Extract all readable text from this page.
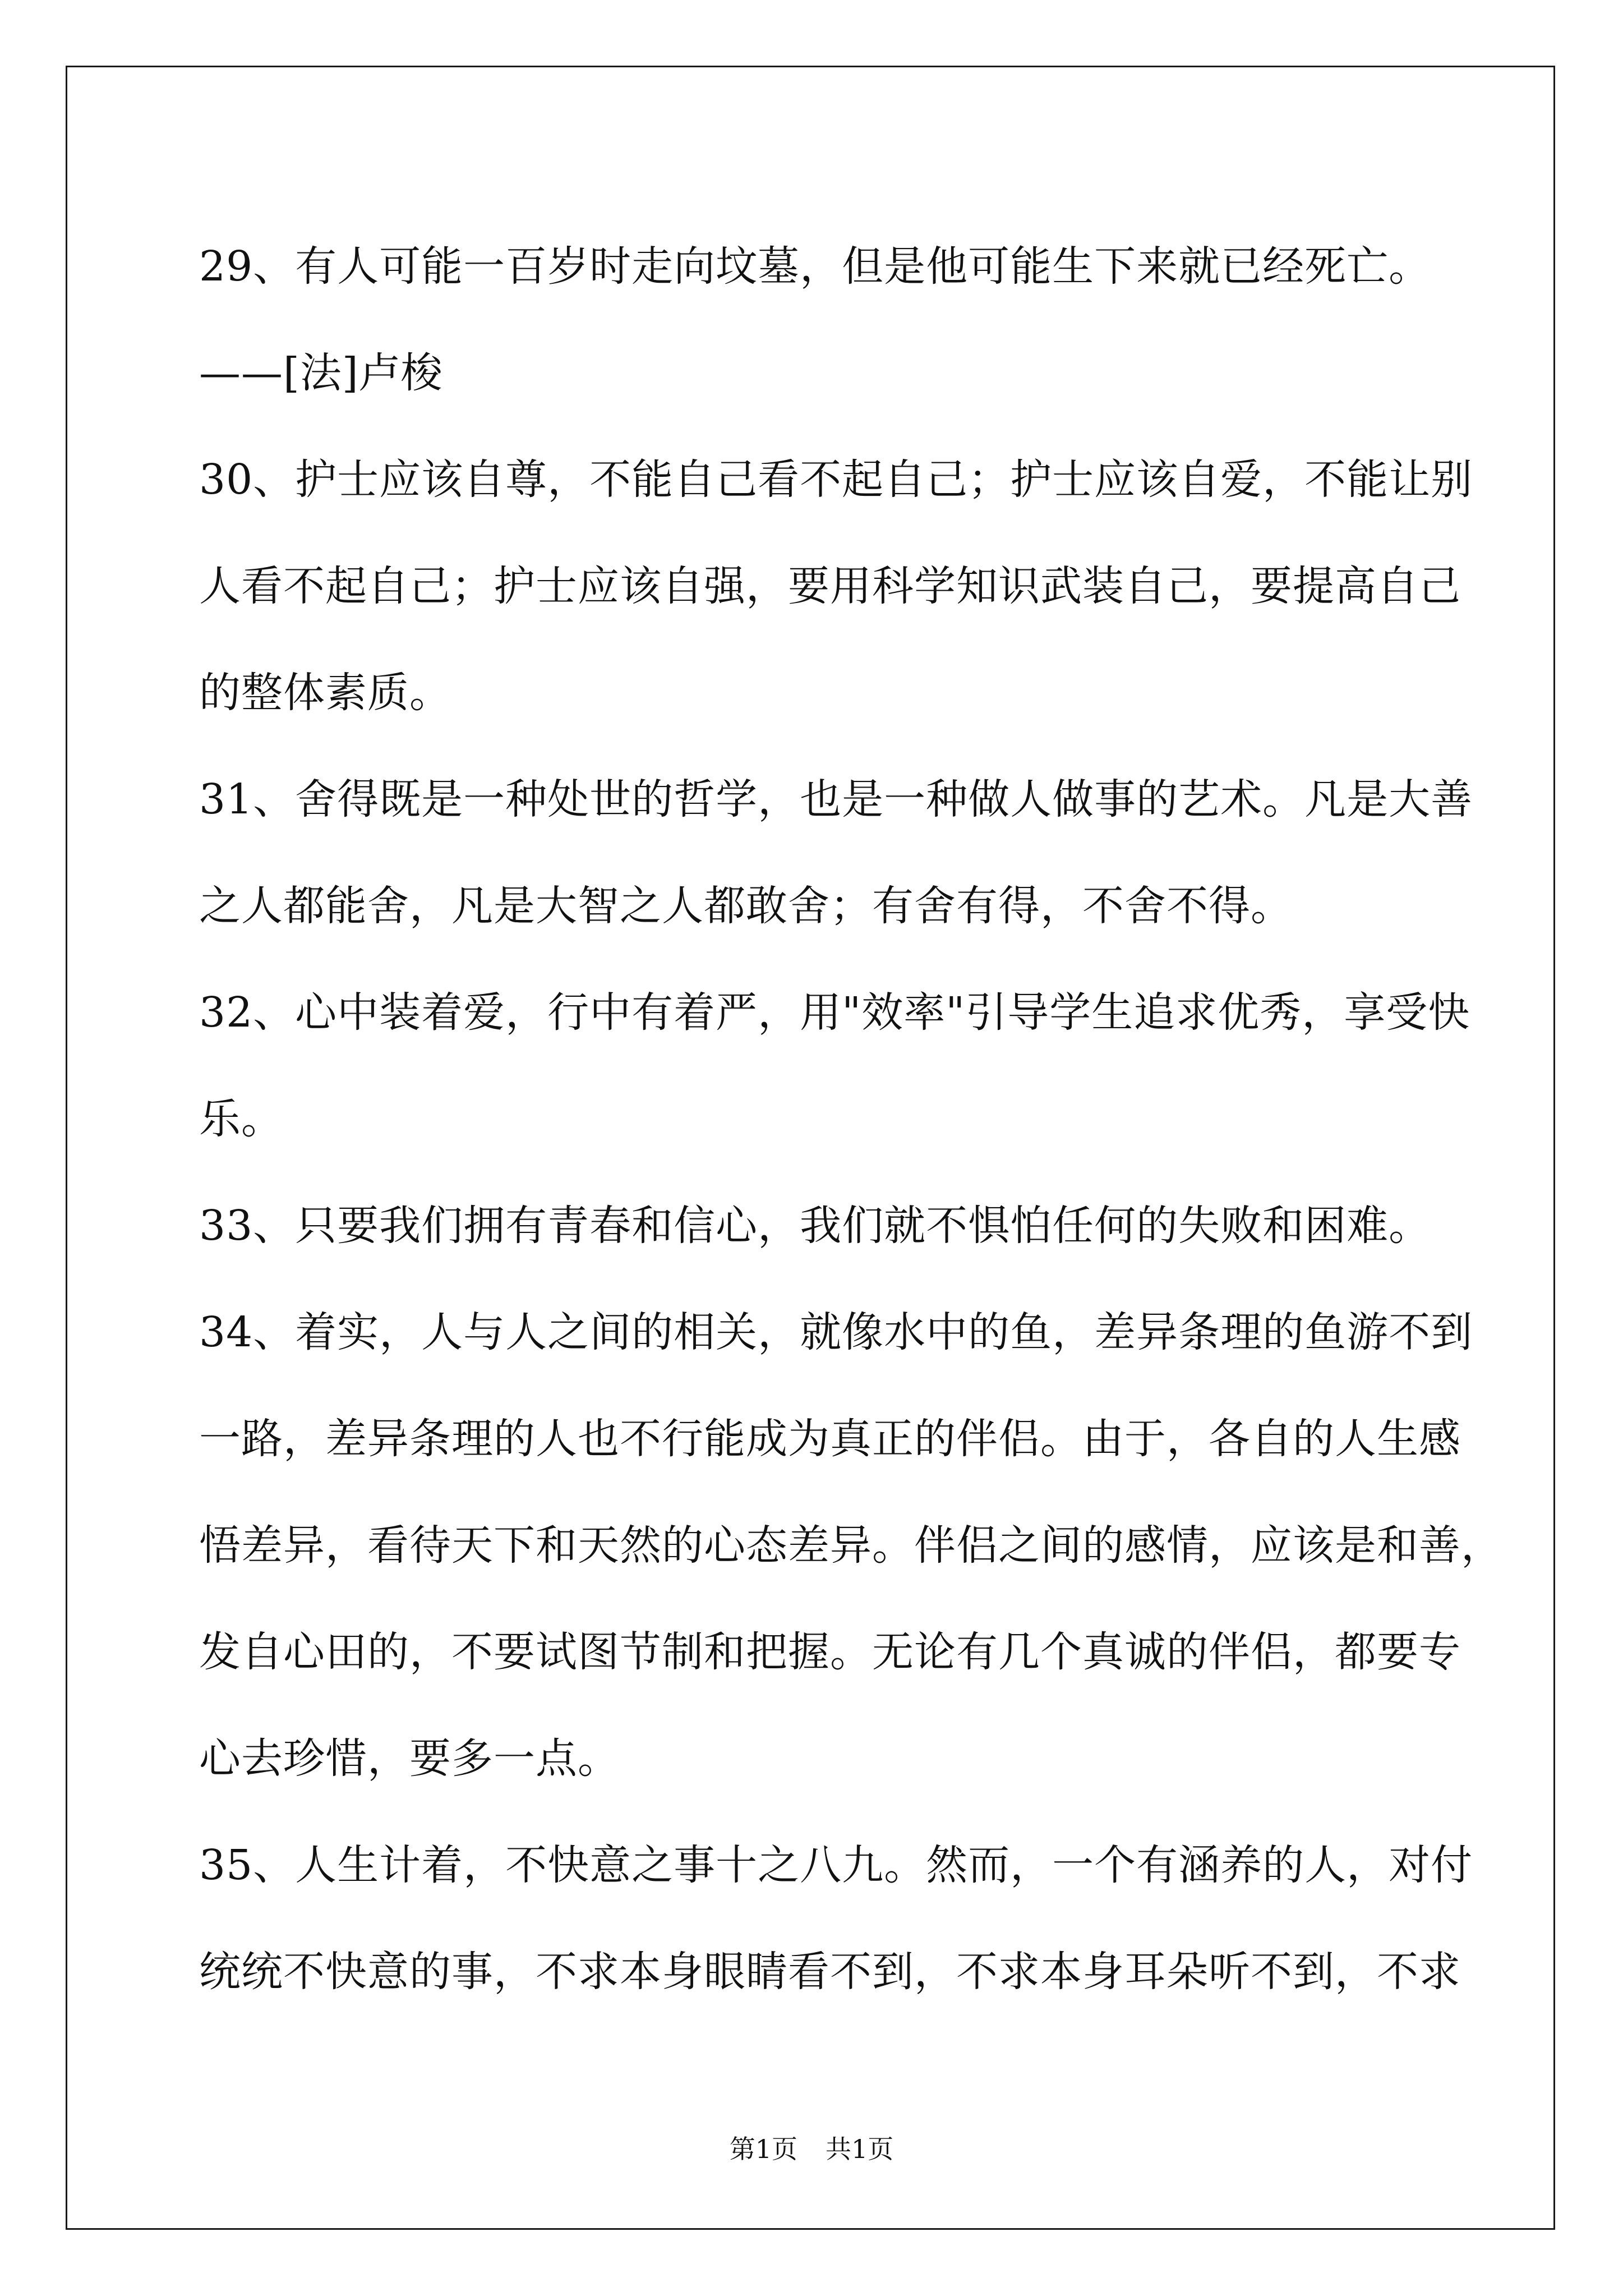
29、有人可能一百岁时走向坟墓，但是他可能生下来就已经死亡。
——[法]卢梭
30、护士应该自尊，不能自己看不起自己；护士应该自爱，不能让别
人看不起自己；护士应该自强，要用科学知识武装自己，要提高自己
的整体素质。
31、舍得既是一种处世的哲学，也是一种做人做事的艺术。凡是大善
之人都能舍，凡是大智之人都敢舍；有舍有得，不舍不得。
32、心中装着爱，行中有着严，用"效率"引导学生追求优秀，享受快
乐。
33、只要我们拥有青春和信心，我们就不惧怕任何的失败和困难。
34、着实，人与人之间的相关，就像水中的鱼，差异条理的鱼游不到
一路，差异条理的人也不行能成为真正的伴侣。由于，各自的人生感
悟差异，看待天下和天然的心态差异。伴侣之间的感情，应该是和善，
发自心田的，不要试图节制和把握。无论有几个真诚的伴侣，都要专
心去珍惜，要多一点。
35、人生计着，不快意之事十之八九。然而，一个有涵养的人，对付
统统不快意的事，不求本身眼睛看不到，不求本身耳朵听不到，不求
第1页 共1页
